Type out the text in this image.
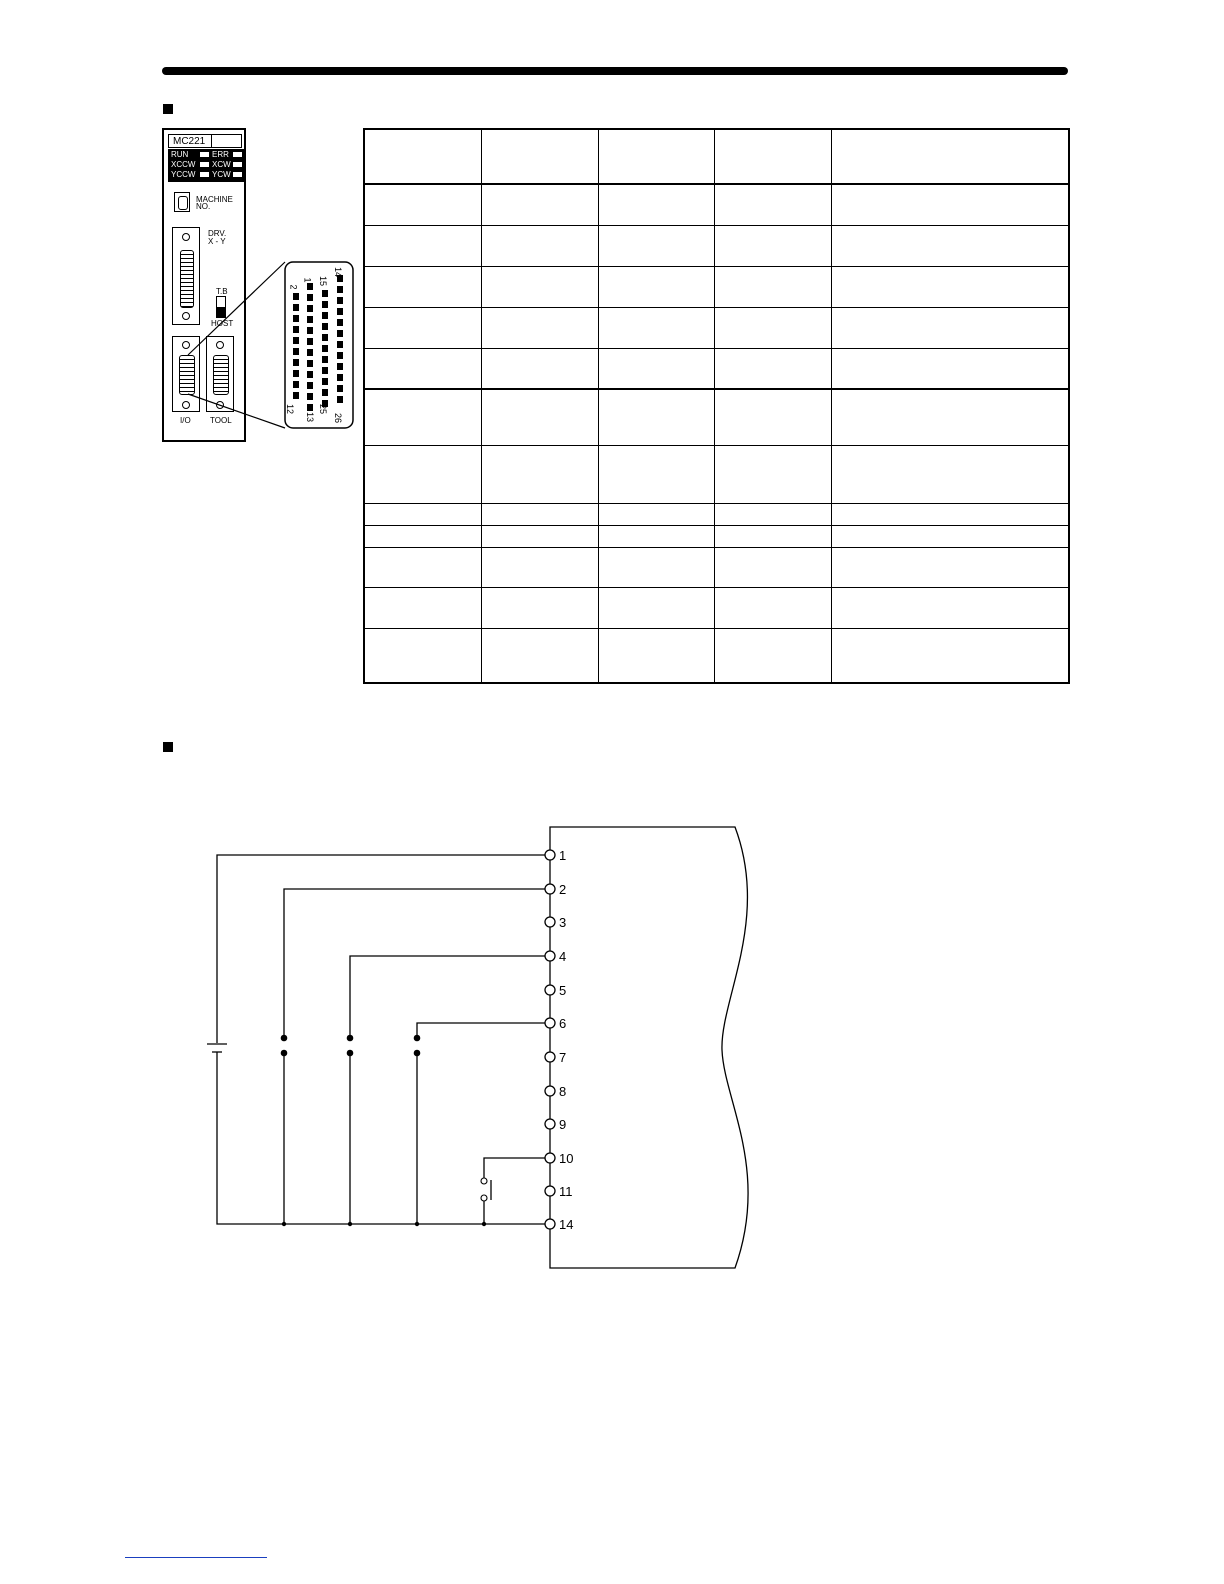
MC221
RUN	ERR
XCCW XCW
YCCW YCW
MACHINE
NO.
DRV.
X - Y
T.B
HOST
I/O TOOL
1 15
14
2
12
13
25
26

1
2
3
4
5
6
7
8
9
10
11
14
